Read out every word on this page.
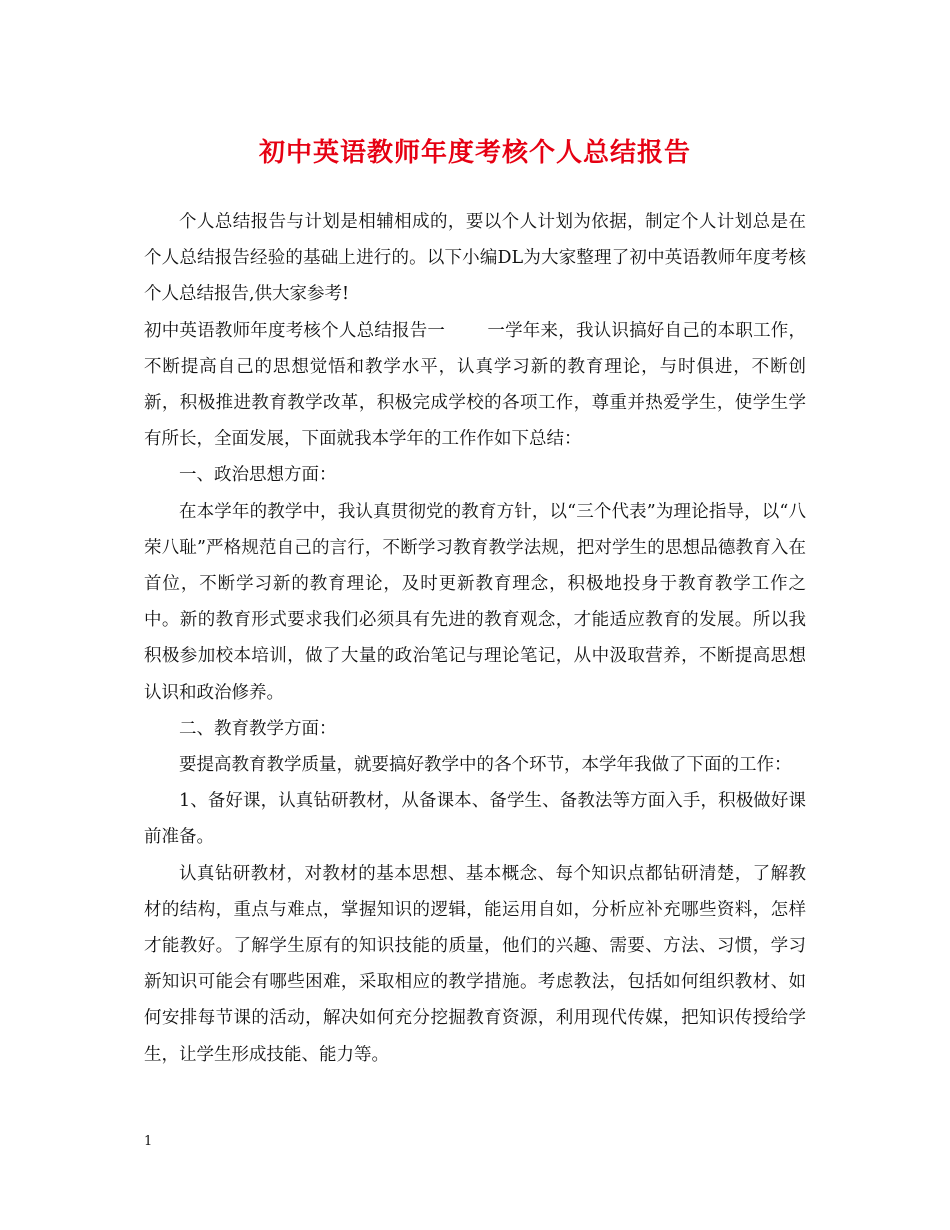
初中英语教师年度考核个人总结报告

个人总结报告与计划是相辅相成的，要以个人计划为依据，制定个人计划总是在个人总结报告经验的基础上进行的。以下小编DL为大家整理了初中英语教师年度考核个人总结报告,供大家参考!

初中英语教师年度考核个人总结报告一 一学年来，我认识搞好自己的本职工作，不断提高自己的思想觉悟和教学水平，认真学习新的教育理论，与时俱进，不断创新，积极推进教育教学改革，积极完成学校的各项工作，尊重并热爱学生，使学生学有所长，全面发展，下面就我本学年的工作作如下总结：

一、政治思想方面：

在本学年的教学中，我认真贯彻党的教育方针，以“三个代表”为理论指导，以“八荣八耻”严格规范自己的言行，不断学习教育教学法规，把对学生的思想品德教育入在首位，不断学习新的教育理论，及时更新教育理念，积极地投身于教育教学工作之中。新的教育形式要求我们必须具有先进的教育观念，才能适应教育的发展。所以我积极参加校本培训，做了大量的政治笔记与理论笔记，从中汲取营养，不断提高思想认识和政治修养。

二、教育教学方面：

要提高教育教学质量，就要搞好教学中的各个环节，本学年我做了下面的工作：

1、备好课，认真钻研教材，从备课本、备学生、备教法等方面入手，积极做好课前准备。

认真钻研教材，对教材的基本思想、基本概念、每个知识点都钻研清楚，了解教材的结构，重点与难点，掌握知识的逻辑，能运用自如，分析应补充哪些资料，怎样才能教好。了解学生原有的知识技能的质量，他们的兴趣、需要、方法、习惯，学习新知识可能会有哪些困难，采取相应的教学措施。考虑教法，包括如何组织教材、如何安排每节课的活动，解决如何充分挖掘教育资源，利用现代传媒，把知识传授给学生，让学生形成技能、能力等。

1
